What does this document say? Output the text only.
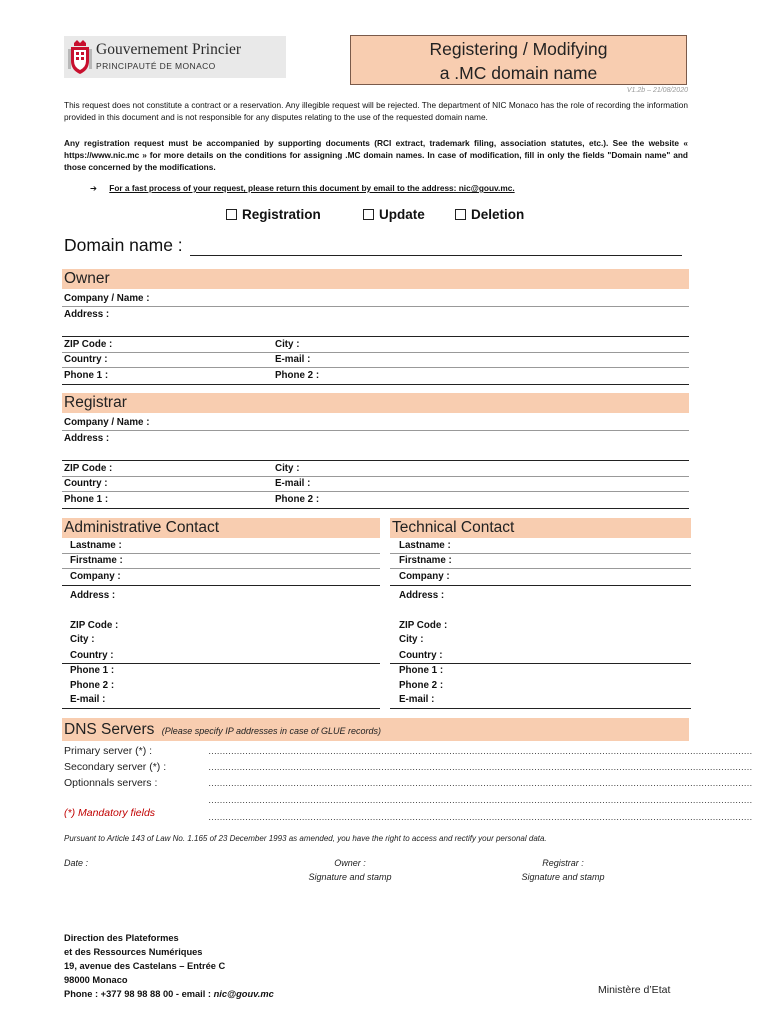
Gouvernement Princier
PRINCIPAUTÉ DE MONACO
Registering / Modifying
a .MC domain name
V1.2b – 21/08/2020
This request does not constitute a contract or a reservation. Any illegible request will be rejected. The department of NIC Monaco has the role of recording the information provided in this document and is not responsible for any disputes relating to the use of the requested domain name.
Any registration request must be accompanied by supporting documents (RCI extract, trademark filing, association statutes, etc.). See the website « https://www.nic.mc » for more details on the conditions for assigning .MC domain names. In case of modification, fill in only the fields "Domain name" and those concerned by the modifications.
➔ For a fast process of your request, please return this document by email to the address: nic@gouv.mc.
Registration	Update	Deletion
Domain name :
Owner
Company / Name :
Address :
ZIP Code :	City :
Country :	E-mail :
Phone 1 :	Phone 2 :
Registrar
Company / Name :
Address :
ZIP Code :	City :
Country :	E-mail :
Phone 1 :	Phone 2 :
Administrative Contact
Lastname :
Firstname :
Company :
Address :
ZIP Code :
City :
Country :
Phone 1 :
Phone 2 :
E-mail :
Technical Contact
Lastname :
Firstname :
Company :
Address :
ZIP Code :
City :
Country :
Phone 1 :
Phone 2 :
E-mail :
DNS Servers (Please specify IP addresses in case of GLUE records)
Primary server (*) :	…………………………………………………………………………………………………………………………………………………………………………
Secondary server (*) :	…………………………………………………………………………………………………………………………………………………………………………
Optionnals servers :	…………………………………………………………………………………………………………………………………………………………………………
…………………………………………………………………………………………………………………………………………………………………………
(*) Mandatory fields	…………………………………………………………………………………………………………………………………………………………………………
Pursuant to Article 143 of Law No. 1.165 of 23 December 1993 as amended, you have the right to access and rectify your personal data.
Date :	Owner :
Signature and stamp
Registrar :
Signature and stamp
Direction des Plateformes
et des Ressources Numériques
19, avenue des Castelans – Entrée C
98000 Monaco
Phone : +377 98 98 88 00 - email : nic@gouv.mc	Ministère d’Etat
